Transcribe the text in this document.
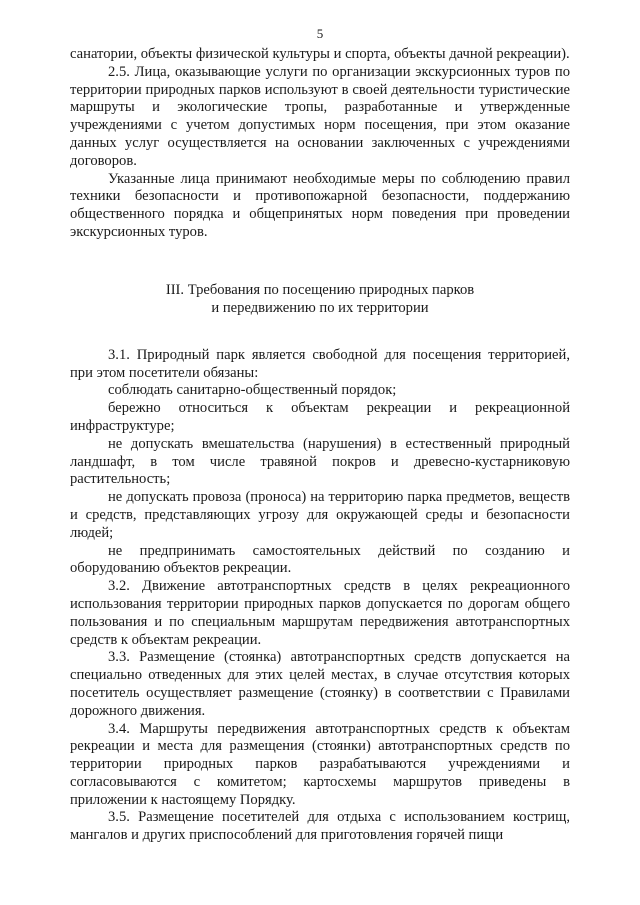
5

санатории, объекты физической культуры и спорта, объекты дачной рекреации).

2.5. Лица, оказывающие услуги по организации экскурсионных туров по территории природных парков используют в своей деятельности туристические маршруты и экологические тропы, разработанные и утвержденные учреждениями с учетом допустимых норм посещения, при этом оказание данных услуг осуществляется на основании заключенных с учреждениями договоров.

Указанные лица принимают необходимые меры по соблюдению правил техники безопасности и противопожарной безопасности, поддержанию общественного порядка и общепринятых норм поведения при проведении экскурсионных туров.

III. Требования по посещению природных парков
и передвижению по их территории

3.1. Природный парк является свободной для посещения территорией, при этом посетители обязаны:

соблюдать санитарно-общественный порядок;

бережно относиться к объектам рекреации и рекреационной инфраструктуре;

не допускать вмешательства (нарушения) в естественный природный ландшафт, в том числе травяной покров и древесно-кустарниковую растительность;

не допускать провоза (проноса) на территорию парка предметов, веществ и средств, представляющих угрозу для окружающей среды и безопасности людей;

не предпринимать самостоятельных действий по созданию и оборудованию объектов рекреации.

3.2. Движение автотранспортных средств в целях рекреационного использования территории природных парков допускается по дорогам общего пользования и по специальным маршрутам передвижения автотранспортных средств к объектам рекреации.

3.3. Размещение (стоянка) автотранспортных средств допускается на специально отведенных для этих целей местах, в случае отсутствия которых посетитель осуществляет размещение (стоянку) в соответствии с Правилами дорожного движения.

3.4. Маршруты передвижения автотранспортных средств к объектам рекреации и места для размещения (стоянки) автотранспортных средств по территории природных парков разрабатываются учреждениями и согласовываются с комитетом; картосхемы маршрутов приведены в приложении к настоящему Порядку.

3.5. Размещение посетителей для отдыха с использованием кострищ, мангалов и других приспособлений для приготовления горячей пищи
